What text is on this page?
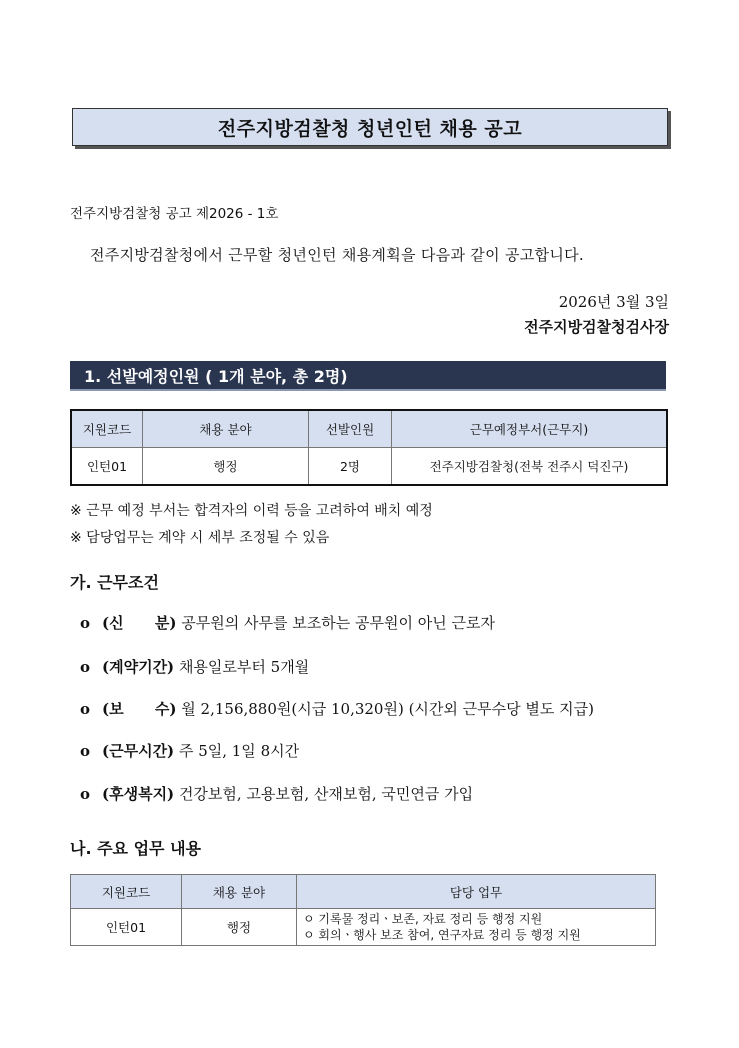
전주지방검찰청 청년인턴 채용 공고
전주지방검찰청 공고 제2026 - 1호
전주지방검찰청에서 근무할 청년인턴 채용계획을 다음과 같이 공고합니다.
2026년 3월 3일
전주지방검찰청검사장
1. 선발예정인원 ( 1개 분야, 총 2명)
지원코드	채용 분야	선발인원	근무예정부서(근무지)
인턴01	행정	2명	전주지방검찰청(전북 전주시 덕진구)
※ 근무 예정 부서는 합격자의 이력 등을 고려하여 배치 예정
※ 담당업무는 계약 시 세부 조정될 수 있음
가. 근무조건
o (신      분) 공무원의 사무를 보조하는 공무원이 아닌 근로자
o (계약기간) 채용일로부터 5개월
o (보      수) 월 2,156,880원(시급 10,320원) (시간외 근무수당 별도 지급)
o (근무시간) 주 5일, 1일 8시간
o (후생복지) 건강보험, 고용보험, 산재보험, 국민연금 가입
나. 주요 업무 내용
지원코드	채용 분야	담당 업무
인턴01	행정	ㅇ 기록물 정리ㆍ보존, 자료 정리 등 행정 지원
ㅇ 회의ㆍ행사 보조 참여, 연구자료 정리 등 행정 지원
